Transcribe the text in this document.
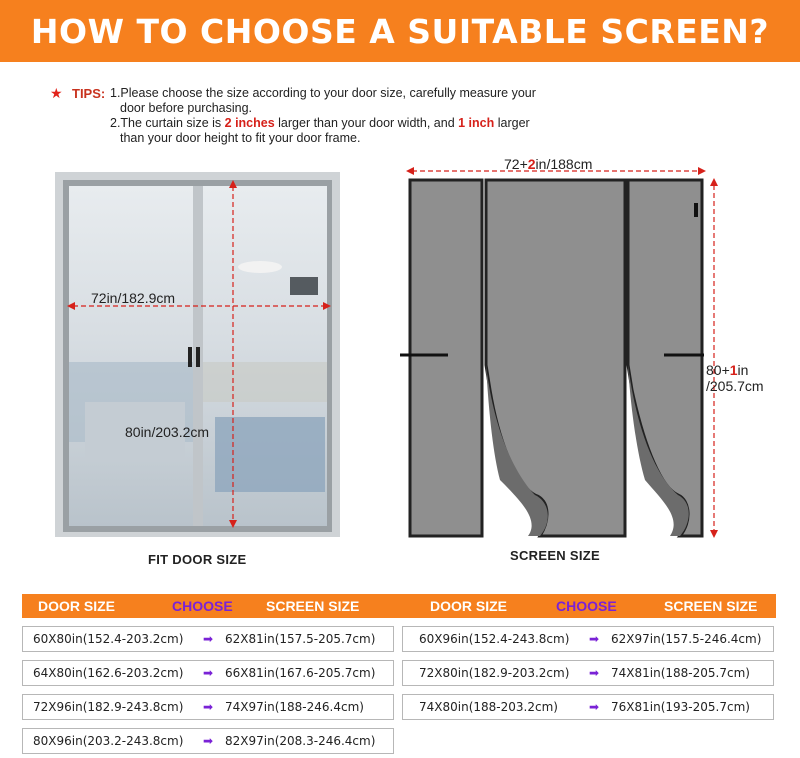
HOW TO CHOOSE A SUITABLE SCREEN?
★ TIPS: 1.Please choose the size according to your door size, carefully measure your
door before purchasing.
2.The curtain size is 2 inches larger than your door width, and 1 inch larger
than your door height to fit your door frame.
72in/182.9cm
80in/203.2cm
FIT DOOR SIZE
72+2in/188cm
80+1in
/205.7cm
SCREEN SIZE
DOOR SIZE	CHOOSE SCREEN SIZE
60X80in(152.4-203.2cm) ➡ 62X81in(157.5-205.7cm)
64X80in(162.6-203.2cm) ➡ 66X81in(167.6-205.7cm)
72X96in(182.9-243.8cm) ➡ 74X97in(188-246.4cm)
80X96in(203.2-243.8cm) ➡ 82X97in(208.3-246.4cm)
DOOR SIZE	CHOOSE	SCREEN SIZE
60X96in(152.4-243.8cm) ➡ 62X97in(157.5-246.4cm)
72X80in(182.9-203.2cm) ➡ 74X81in(188-205.7cm)
74X80in(188-203.2cm)	➡ 76X81in(193-205.7cm)
